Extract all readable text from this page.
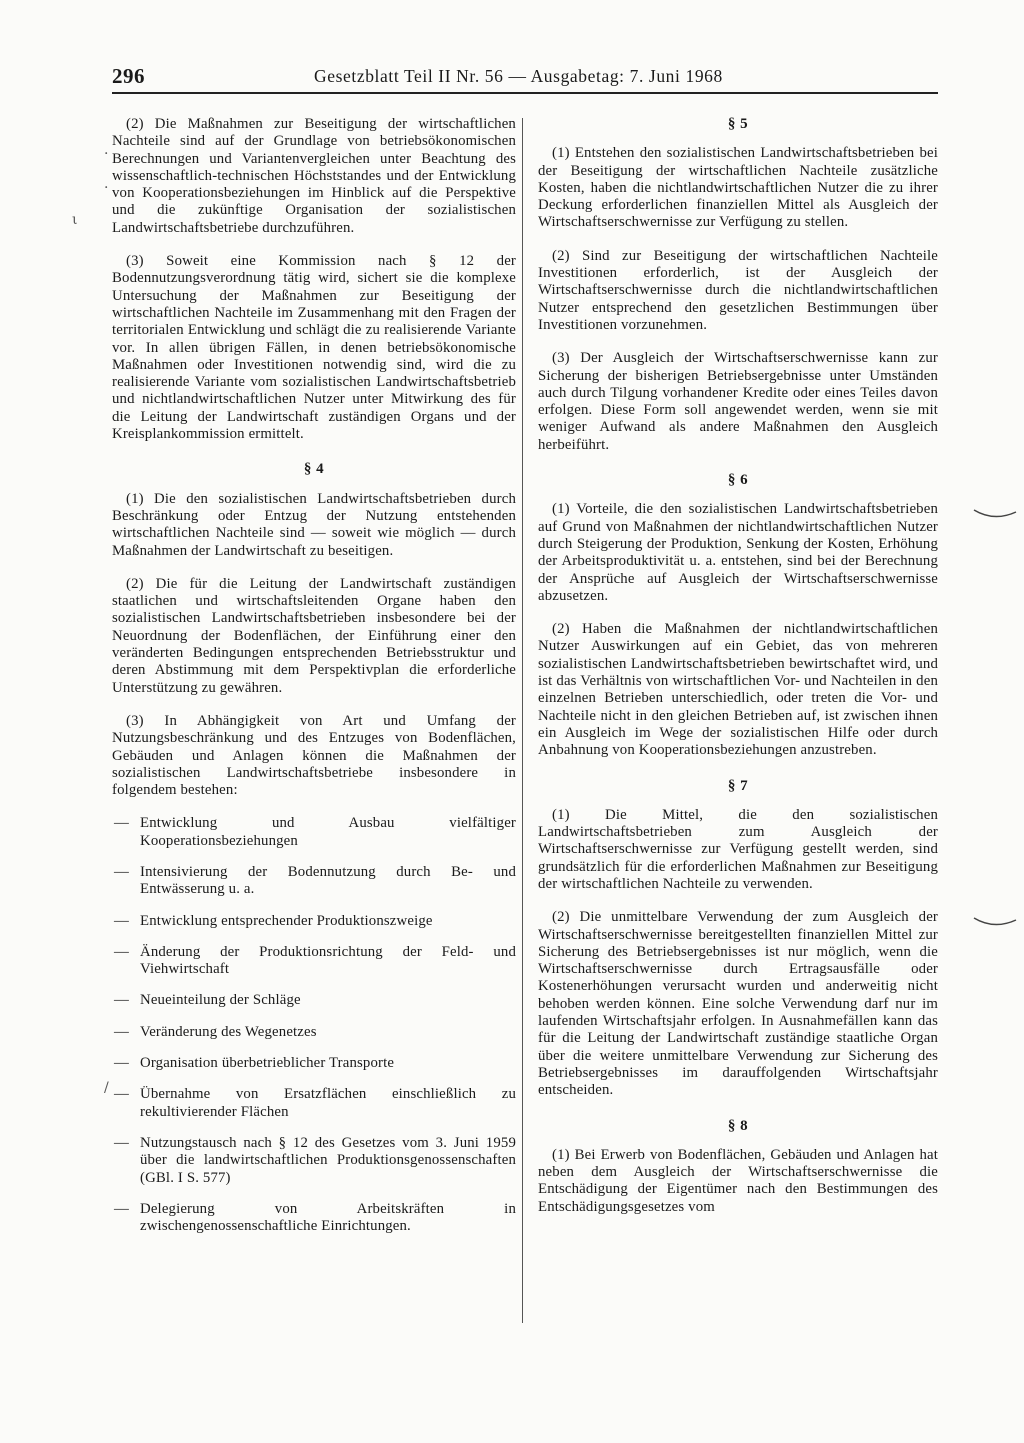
296	Gesetzblatt Teil II Nr. 56 — Ausgabetag: 7. Juni 1968

(2) Die Maßnahmen zur Beseitigung der wirtschaftlichen Nachteile sind auf der Grundlage von betriebsökonomischen Berechnungen und Variantenvergleichen unter Beachtung des wissenschaftlich-technischen Höchststandes und der Entwicklung von Kooperationsbeziehungen im Hinblick auf die Perspektive und die zukünftige Organisation der sozialistischen Landwirtschaftsbetriebe durchzuführen.

(3) Soweit eine Kommission nach § 12 der Bodennutzungsverordnung tätig wird, sichert sie die komplexe Untersuchung der Maßnahmen zur Beseitigung der wirtschaftlichen Nachteile im Zusammenhang mit den Fragen der territorialen Entwicklung und schlägt die zu realisierende Variante vor. In allen übrigen Fällen, in denen betriebsökonomische Maßnahmen oder Investitionen notwendig sind, wird die zu realisierende Variante vom sozialistischen Landwirtschaftsbetrieb und nichtlandwirtschaftlichen Nutzer unter Mitwirkung des für die Leitung der Landwirtschaft zuständigen Organs und der Kreisplankommission ermittelt.

§ 4

(1) Die den sozialistischen Landwirtschaftsbetrieben durch Beschränkung oder Entzug der Nutzung entstehenden wirtschaftlichen Nachteile sind — soweit wie möglich — durch Maßnahmen der Landwirtschaft zu beseitigen.

(2) Die für die Leitung der Landwirtschaft zuständigen staatlichen und wirtschaftsleitenden Organe haben den sozialistischen Landwirtschaftsbetrieben insbesondere bei der Neuordnung der Bodenflächen, der Einführung einer den veränderten Bedingungen entsprechenden Betriebsstruktur und deren Abstimmung mit dem Perspektivplan die erforderliche Unterstützung zu gewähren.

(3) In Abhängigkeit von Art und Umfang der Nutzungsbeschränkung und des Entzuges von Bodenflächen, Gebäuden und Anlagen können die Maßnahmen der sozialistischen Landwirtschaftsbetriebe insbesondere in folgendem bestehen:

— Entwicklung und Ausbau vielfältiger Kooperationsbeziehungen
— Intensivierung der Bodennutzung durch Be- und Entwässerung u. a.
— Entwicklung entsprechender Produktionszweige
— Änderung der Produktionsrichtung der Feld- und Viehwirtschaft
— Neueinteilung der Schläge
— Veränderung des Wegenetzes
— Organisation überbetrieblicher Transporte
— Übernahme von Ersatzflächen einschließlich zu rekultivierender Flächen
— Nutzungstausch nach § 12 des Gesetzes vom 3. Juni 1959 über die landwirtschaftlichen Produktionsgenossenschaften (GBl. I S. 577)
— Delegierung von Arbeitskräften in zwischengenossenschaftliche Einrichtungen.
§ 5

(1) Entstehen den sozialistischen Landwirtschaftsbetrieben bei der Beseitigung der wirtschaftlichen Nachteile zusätzliche Kosten, haben die nichtlandwirtschaftlichen Nutzer die zu ihrer Deckung erforderlichen finanziellen Mittel als Ausgleich der Wirtschaftserschwernisse zur Verfügung zu stellen.

(2) Sind zur Beseitigung der wirtschaftlichen Nachteile Investitionen erforderlich, ist der Ausgleich der Wirtschaftserschwernisse durch die nichtlandwirtschaftlichen Nutzer entsprechend den gesetzlichen Bestimmungen über Investitionen vorzunehmen.

(3) Der Ausgleich der Wirtschaftserschwernisse kann zur Sicherung der bisherigen Betriebsergebnisse unter Umständen auch durch Tilgung vorhandener Kredite oder eines Teiles davon erfolgen. Diese Form soll angewendet werden, wenn sie mit weniger Aufwand als andere Maßnahmen den Ausgleich herbeiführt.

§ 6

(1) Vorteile, die den sozialistischen Landwirtschaftsbetrieben auf Grund von Maßnahmen der nichtlandwirtschaftlichen Nutzer durch Steigerung der Produktion, Senkung der Kosten, Erhöhung der Arbeitsproduktivität u. a. entstehen, sind bei der Berechnung der Ansprüche auf Ausgleich der Wirtschaftserschwernisse abzusetzen.

(2) Haben die Maßnahmen der nichtlandwirtschaftlichen Nutzer Auswirkungen auf ein Gebiet, das von mehreren sozialistischen Landwirtschaftsbetrieben bewirtschaftet wird, und ist das Verhältnis von wirtschaftlichen Vor- und Nachteilen in den einzelnen Betrieben unterschiedlich, oder treten die Vor- und Nachteile nicht in den gleichen Betrieben auf, ist zwischen ihnen ein Ausgleich im Wege der sozialistischen Hilfe oder durch Anbahnung von Kooperationsbeziehungen anzustreben.

§ 7

(1) Die Mittel, die den sozialistischen Landwirtschaftsbetrieben zum Ausgleich der Wirtschaftserschwernisse zur Verfügung gestellt werden, sind grundsätzlich für die erforderlichen Maßnahmen zur Beseitigung der wirtschaftlichen Nachteile zu verwenden.

(2) Die unmittelbare Verwendung der zum Ausgleich der Wirtschaftserschwernisse bereitgestellten finanziellen Mittel zur Sicherung des Betriebsergebnisses ist nur möglich, wenn die Wirtschaftserschwernisse durch Ertragsausfälle oder Kostenerhöhungen verursacht wurden und anderweitig nicht behoben werden können. Eine solche Verwendung darf nur im laufenden Wirtschaftsjahr erfolgen. In Ausnahmefällen kann das für die Leitung der Landwirtschaft zuständige staatliche Organ über die weitere unmittelbare Verwendung zur Sicherung des Betriebsergebnisses im darauffolgenden Wirtschaftsjahr entscheiden.

§ 8

(1) Bei Erwerb von Bodenflächen, Gebäuden und Anlagen hat neben dem Ausgleich der Wirtschaftserschwernisse die Entschädigung der Eigentümer nach den Bestimmungen des Entschädigungsgesetzes vom

·
·
ι
/
